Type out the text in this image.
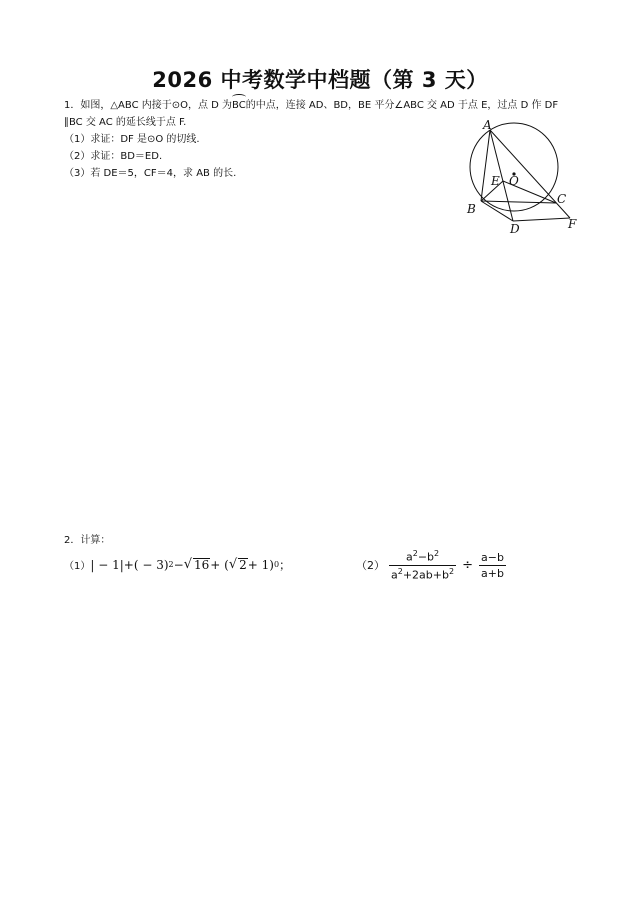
2026 中考数学中档题（第 3 天）

1．如图，△ABC 内接于⊙O，点 D 为BC的中点，连接 AD、BD，BE 平分∠ABC 交 AD 于点 E，过点 D 作 DF

∥BC 交 AC 的延长线于点 F.

（1）求证：DF 是⊙O 的切线.

（2）求证：BD＝ED.

（3）若 DE＝5，CF＝4，求 AB 的长.

A
B
C
D
E
F
O
2．计算：
（1） | − 1| + ( − 3) 2 − √ 16 + ( √ 2 + 1) 0 ；	$(2) \frac{a^2-b^2}{a^2+2ab+b^2} \div \frac{a-b}{a+b}$
